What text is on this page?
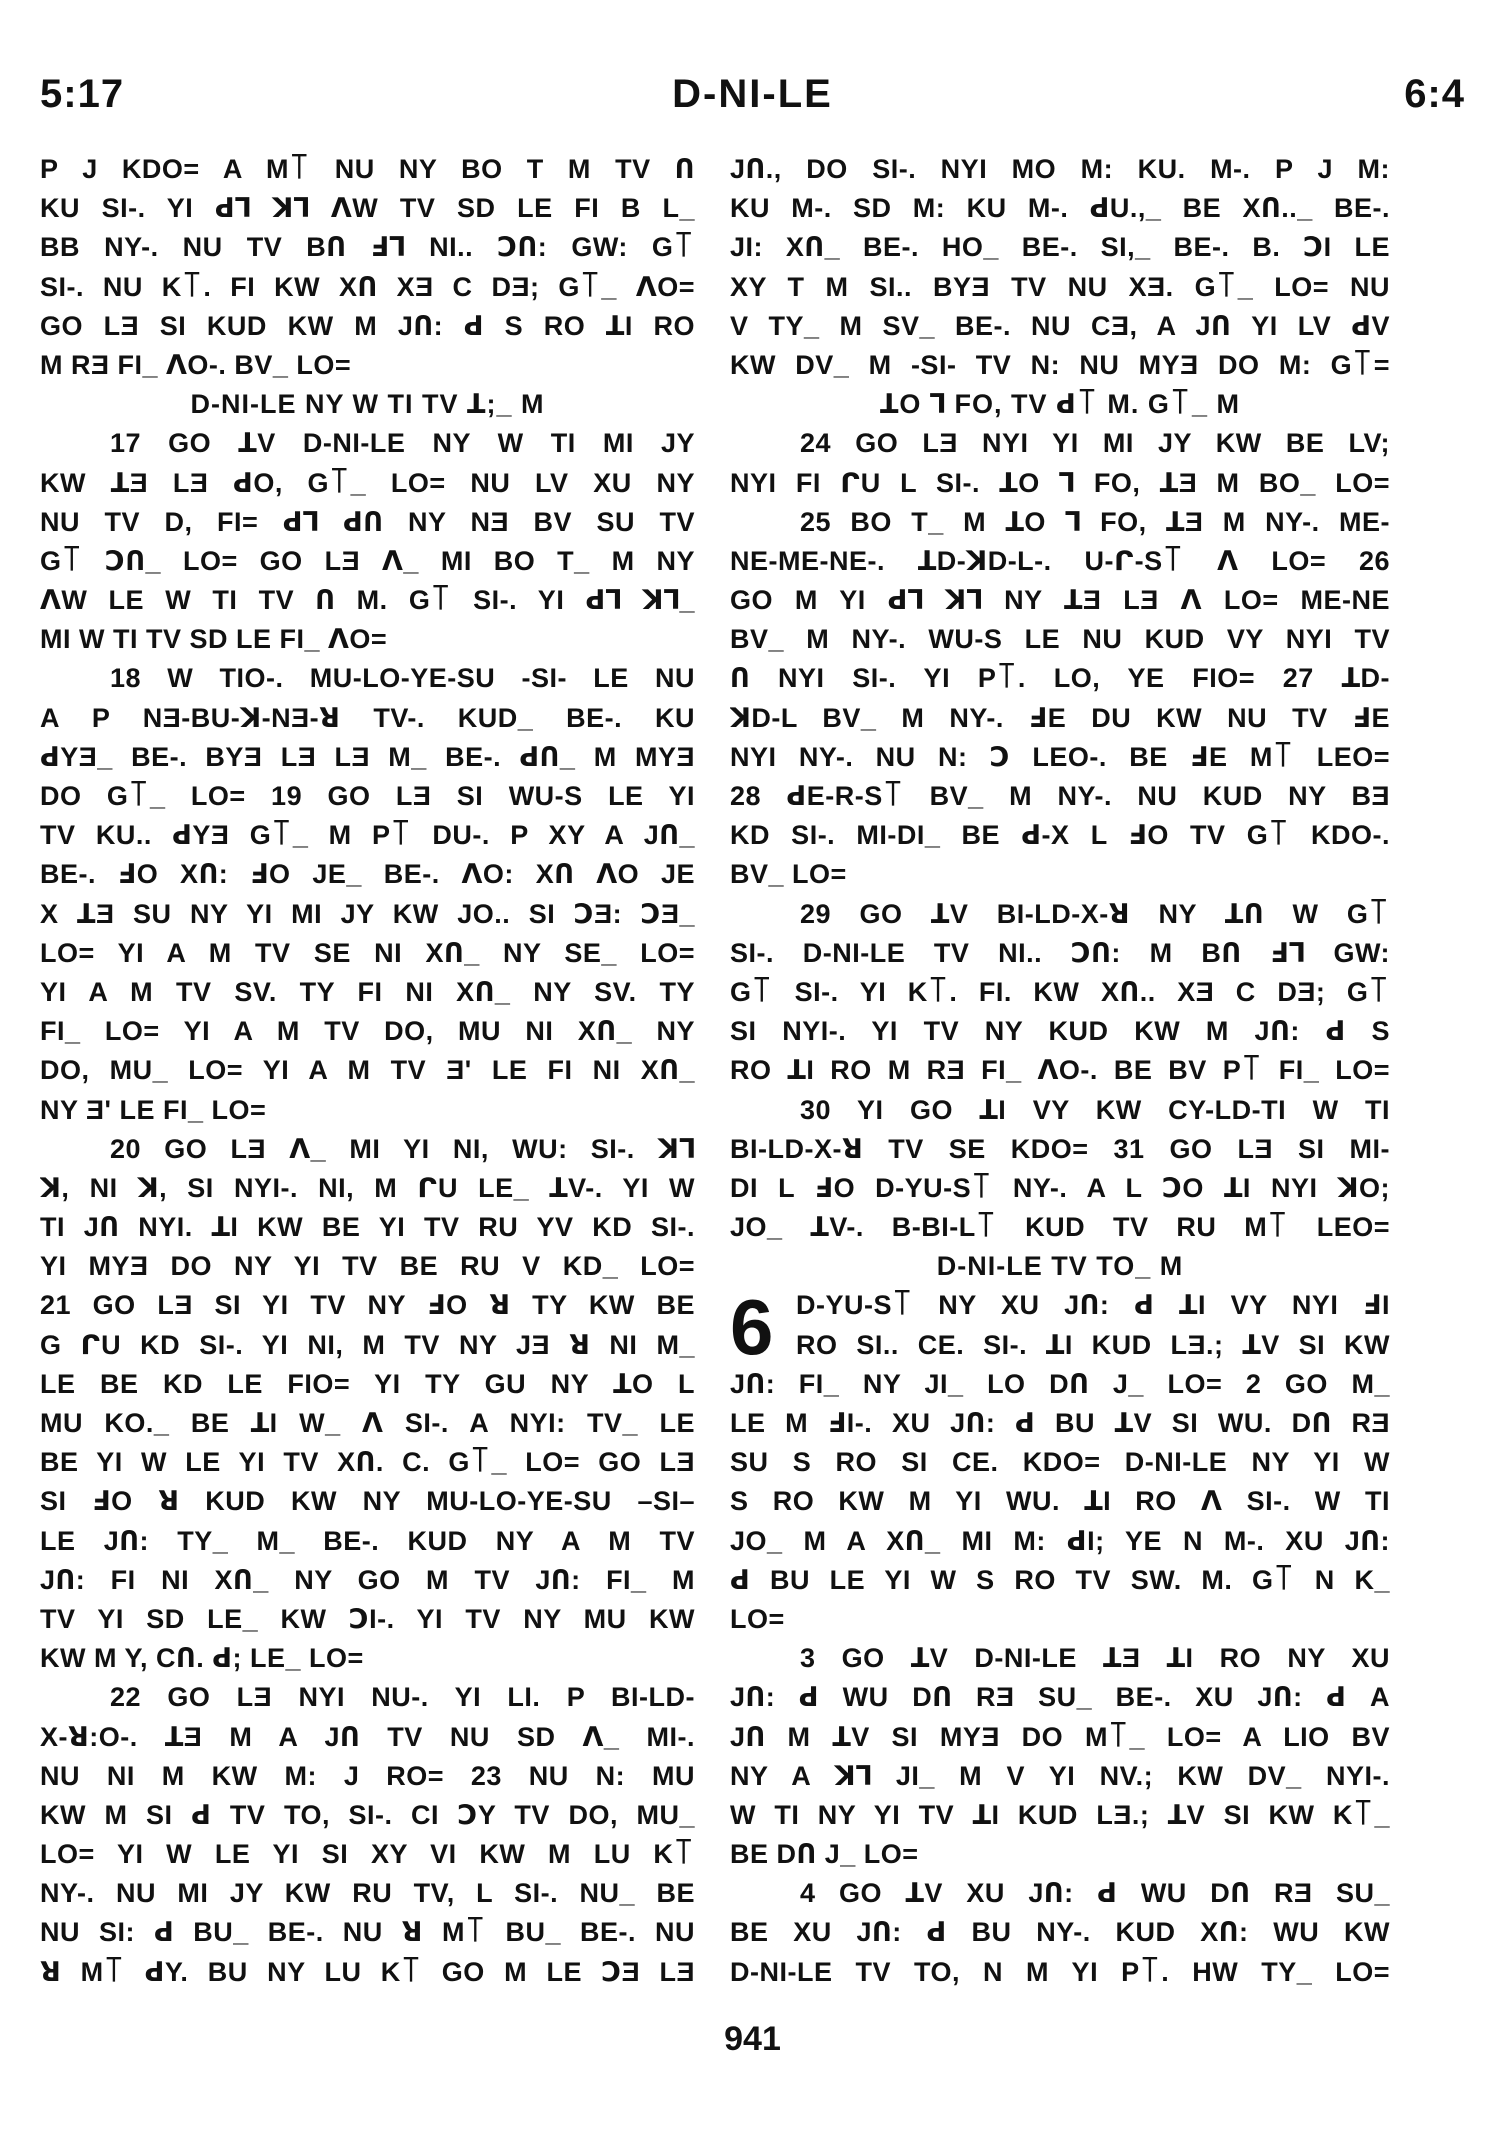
5:17	D-NI-LE	6:4
P J KDO= A M꓄ NU NY BO T M TV Ո
KU SI-. YI ꓒꓶ ꓘꓶ ꓥW TV SD LE FI B L_
BB NY-. NU TV BՈ ꓞꓶ NI.. ꓛՈ: GW: G꓄
SI-. NU K꓄. FI KW XՈ XƎ C DƎ; G꓄_ ꓥO=
GO LƎ SI KUD KW M JՈ: ꓒ S RO ꓕI RO
M RƎ FI_ ꓥO-. BV_ LO=
D-NI-LE NY W TI TV ꓕ;_ M
17 GO ꓕV D-NI-LE NY W TI MI JY
KW ꓕƎ LƎ ꓒO, G꓄_ LO= NU LV XU NY
NU TV D, FI= ꓒꓶ ꓒՈ NY NƎ BV SU TV
G꓄ ꓛՈ_ LO= GO LƎ ꓥ_ MI BO T_ M NY
ꓥW LE W TI TV Ո M. G꓄ SI-. YI ꓒꓶ ꓘꓶ_
MI W TI TV SD LE FI_ ꓥO=
18 W TIO-. MU-LO-YE-SU -SI- LE NU
A P NƎ-BU-ꓘ-NƎ-ꓤ TV-. KUD_ BE-. KU
ꓒYƎ_ BE-. BYƎ LƎ LƎ M_ BE-. ꓒՈ_ M MYƎ
DO G꓄_ LO= 19 GO LƎ SI WU-S LE YI
TV KU.. ꓒYƎ G꓄_ M P꓄ DU-. P XY A JՈ_
BE-. ꓞO XՈ: ꓞO JE_ BE-. ꓥO: XՈ ꓥO JE
X ꓕƎ SU NY YI MI JY KW JO.. SI ꓛƎ: ꓛƎ_
LO= YI A M TV SE NI XՈ_ NY SE_ LO=
YI A M TV SV. TY FI NI XՈ_ NY SV. TY
FI_ LO= YI A M TV DO, MU NI XՈ_ NY
DO, MU_ LO= YI A M TV Ǝ' LE FI NI XՈ_
NY Ǝ' LE FI_ LO=
20 GO LƎ ꓥ_ MI YI NI, WU: SI-. ꓘꓶ
ꓘ, NI ꓘ, SI NYI-. NI, M ᒋU LE_ ꓕV-. YI W
TI JՈ NYI. ꓕI KW BE YI TV RU YV KD SI-.
YI MYƎ DO NY YI TV BE RU V KD_ LO=
21 GO LƎ SI YI TV NY ꓞO ꓤ TY KW BE
G ᒋU KD SI-. YI NI, M TV NY JƎ ꓤ NI M_
LE BE KD LE FIO= YI TY GU NY ꓕO L
MU KO._ BE ꓕI W_ ꓥ SI-. A NYI: TV_ LE
BE YI W LE YI TV XՈ. C. G꓄_ LO= GO LƎ
SI ꓞO ꓤ KUD KW NY MU-LO-YE-SU –SI–
LE JՈ: TY_ M_ BE-. KUD NY A M TV
JՈ: FI NI XՈ_ NY GO M TV JՈ: FI_ M
TV YI SD LE_ KW ꓛI-. YI TV NY MU KW
KW M Y, CՈ. ꓒ; LE_ LO=
22 GO LƎ NYI NU-. YI LI. P BI-LD-
X-ꓤ:O-. ꓕƎ M A JՈ TV NU SD ꓥ_ MI-.
NU NI M KW M: J RO= 23 NU N: MU
KW M SI ꓒ TV TO, SI-. CI ꓛY TV DO, MU_
LO= YI W LE YI SI XY VI KW M LU K꓄
NY-. NU MI JY KW RU TV, L SI-. NU_ BE
NU SI: ꓒ BU_ BE-. NU ꓤ M꓄ BU_ BE-. NU
ꓤ M꓄ ꓒY. BU NY LU K꓄ GO M LE ꓛƎ LƎ
JՈ., DO SI-. NYI MO M: KU. M-. P J M:
KU M-. SD M: KU M-. ꓒU.,_ BE XՈ.._ BE-.
JI: XՈ_ BE-. HO_ BE-. SI,_ BE-. B. ꓛI LE
XY T M SI.. BYƎ TV NU XƎ. G꓄_ LO= NU
V TY_ M SV_ BE-. NU CƎ, A JՈ YI LV ꓒV
KW DV_ M -SI- TV N: NU MYƎ DO M: G꓄=
ꓕO ꓶ FO, TV ꓒ꓄ M. G꓄_ M
24 GO LƎ NYI YI MI JY KW BE LV;
NYI FI ᒋU L SI-. ꓕO ꓶ FO, ꓕƎ M BO_ LO=
25 BO T_ M ꓕO ꓶ FO, ꓕƎ M NY-. ME-
NE-ME-NE-. ꓕD-ꓘD-L-. U-ᒋ-S꓄ ꓥ LO= 26
GO M YI ꓒꓶ ꓘꓶ NY ꓕƎ LƎ ꓥ LO= ME-NE
BV_ M NY-. WU-S LE NU KUD VY NYI TV
Ո NYI SI-. YI P꓄. LO, YE FIO= 27 ꓕD-
ꓘD-L BV_ M NY-. ꓞE DU KW NU TV ꓞE
NYI NY-. NU N: ꓛ LEO-. BE ꓞE M꓄ LEO=
28 ꓒE-R-S꓄ BV_ M NY-. NU KUD NY BƎ
KD SI-. MI-DI_ BE ꓒ-X L ꓞO TV G꓄ KDO-.
BV_ LO=
29 GO ꓕV BI-LD-X-ꓤ NY ꓕՈ W G꓄
SI-. D-NI-LE TV NI.. ꓛՈ: M BՈ ꓞꓶ GW:
G꓄ SI-. YI K꓄. FI. KW XՈ.. XƎ C DƎ; G꓄
SI NYI-. YI TV NY KUD KW M JՈ: ꓒ S
RO ꓕI RO M RƎ FI_ ꓥO-. BE BV P꓄ FI_ LO=
30 YI GO ꓕI VY KW CY-LD-TI W TI
BI-LD-X-ꓤ TV SE KDO= 31 GO LƎ SI MI-
DI L ꓞO D-YU-S꓄ NY-. A L ꓛO ꓕI NYI ꓘO;
JO_ ꓕV-. B-BI-L꓄ KUD TV RU M꓄ LEO=
D-NI-LE TV TO_ M
6 D-YU-S꓄ NY XU JՈ: ꓒ ꓕI VY NYI ꓞI
RO SI.. CE. SI-. ꓕI KUD LƎ.; ꓕV SI KW
JՈ: FI_ NY JI_ LO DՈ J_ LO= 2 GO M_
LE M ꓞI-. XU JՈ: ꓒ BU ꓕV SI WU. DՈ RƎ
SU S RO SI CE. KDO= D-NI-LE NY YI W
S RO KW M YI WU. ꓕI RO ꓥ SI-. W TI
JO_ M A XՈ_ MI M: ꓒI; YE N M-. XU JՈ:
ꓒ BU LE YI W S RO TV SW. M. G꓄ N K_
LO=
3 GO ꓕV D-NI-LE ꓕƎ ꓕI RO NY XU
JՈ: ꓒ WU DՈ RƎ SU_ BE-. XU JՈ: ꓒ A
JՈ M ꓕV SI MYƎ DO M꓄_ LO= A LIO BV
NY A ꓘꓶ JI_ M V YI NV.; KW DV_ NYI-.
W TI NY YI TV ꓕI KUD LƎ.; ꓕV SI KW K꓄_
BE DՈ J_ LO=
4 GO ꓕV XU JՈ: ꓒ WU DՈ RƎ SU_
BE XU JՈ: ꓒ BU NY-. KUD XՈ: WU KW
D-NI-LE TV TO, N M YI P꓄. HW TY_ LO=
941
